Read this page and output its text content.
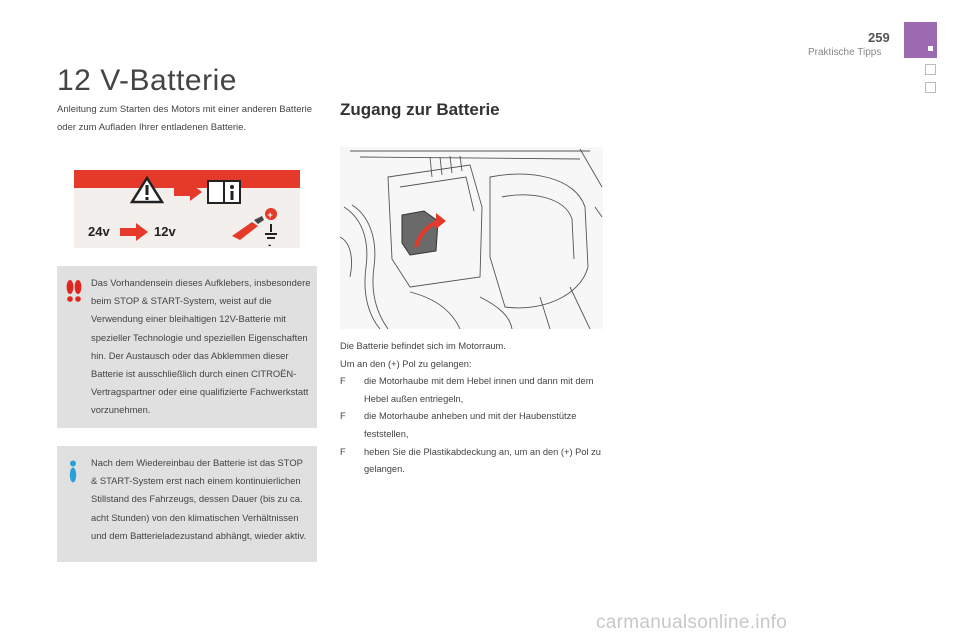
259
Praktische Tipps
12 V-Batterie

Anleitung zum Starten des Motors mit einer anderen Batterie oder zum Aufladen Ihrer entladenen Batterie.

24v	12v
+
-

Das Vorhandensein dieses Aufklebers, insbesondere beim STOP & START-System, weist auf die Verwendung einer bleihaltigen 12V-Batterie mit spezieller Technologie und speziellen Eigenschaften hin. Der Austausch oder das Abklemmen dieser Batterie ist ausschließlich durch einen CITROËN-Vertragspartner oder eine qualifizierte Fachwerkstatt vorzunehmen.

Nach dem Wiedereinbau der Batterie ist das STOP & START-System erst nach einem kontinuierlichen Stillstand des Fahrzeugs, dessen Dauer (bis zu ca. acht Stunden) von den klimatischen Verhältnissen und dem Batterieladezustand abhängt, wieder aktiv.

Zugang zur Batterie

Die Batterie befindet sich im Motorraum.

Um an den (+) Pol zu gelangen:

F die Motorhaube mit dem Hebel innen und dann mit dem Hebel außen entriegeln,
F die Motorhaube anheben und mit der Haubenstütze feststellen,
F heben Sie die Plastikabdeckung an, um an den (+) Pol zu gelangen.
carmanualsonline.info
